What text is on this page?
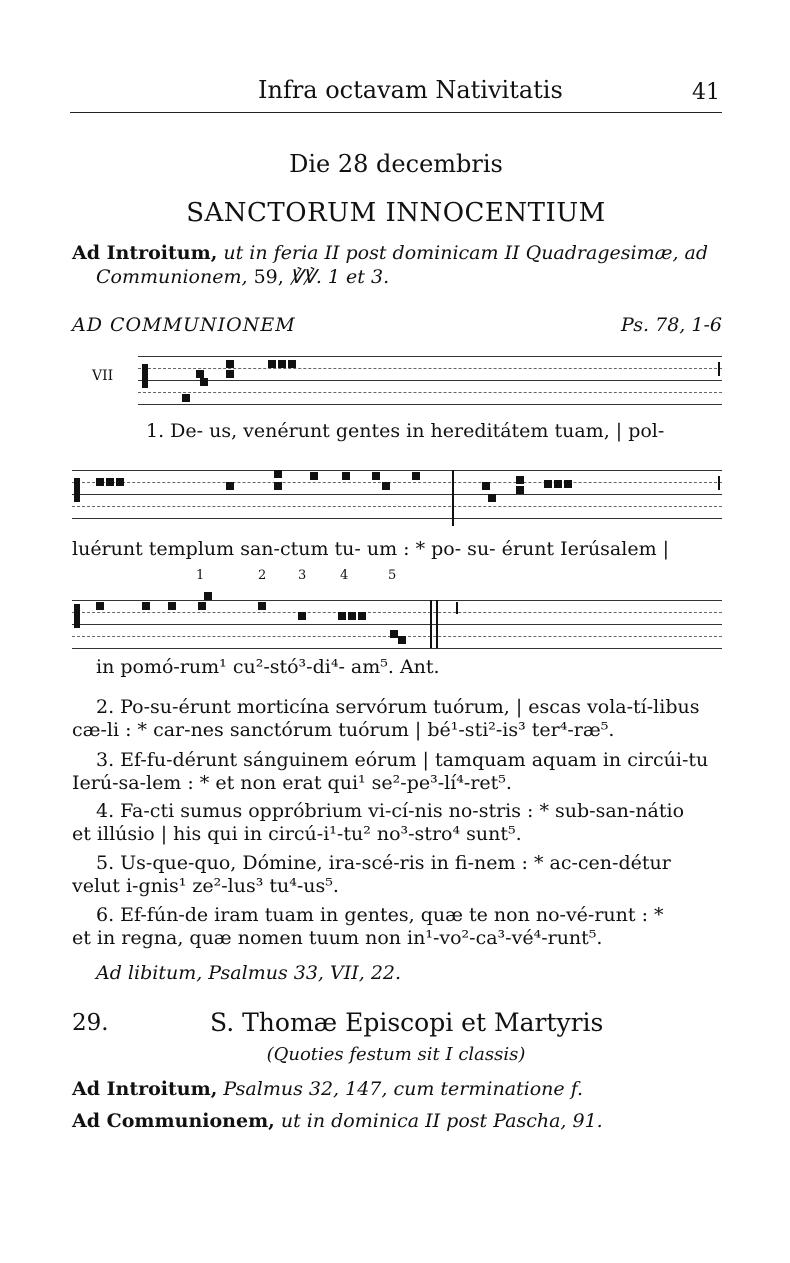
Infra octavam Nativitatis	41
Die 28 decembris
SANCTORUM INNOCENTIUM
Ad Introitum, ut in feria II post dominicam II Quadragesimæ, ad
Communionem, 59, ℣℣. 1 et 3.
AD COMMUNIONEM	Ps. 78, 1-6
VII
1. De- us, venérunt gentes in hereditátem tuam, | pol-
luérunt templum san-ctum tu- um : * po- su- érunt Ierúsalem |
1	2 3	4	5
in pomó-rum¹ cu²-stó³-di⁴- am⁵. Ant.
2. Po-su-érunt morticína servórum tuórum, | escas vola-tí-libus
cæ-li : * car-nes sanctórum tuórum | bé¹-sti²-is³ ter⁴-ræ⁵.
3. Ef-fu-dérunt sánguinem eórum | tamquam aquam in circúi-tu
Ierú-sa-lem : * et non erat qui¹ se²-pe³-lí⁴-ret⁵.
4. Fa-cti sumus oppróbrium vi-cí-nis no-stris : * sub-san-nátio
et illúsio | his qui in circú-i¹-tu² no³-stro⁴ sunt⁵.
5. Us-que-quo, Dómine, ira-scé-ris in fi-nem : * ac-cen-détur
velut i-gnis¹ ze²-lus³ tu⁴-us⁵.
6. Ef-fún-de iram tuam in gentes, quæ te non no-vé-runt : *
et in regna, quæ nomen tuum non in¹-vo²-ca³-vé⁴-runt⁵.
Ad libitum, Psalmus 33, VII, 22.
29.	S. Thomæ Episcopi et Martyris
(Quoties festum sit I classis)
Ad Introitum, Psalmus 32, 147, cum terminatione f.
Ad Communionem, ut in dominica II post Pascha, 91.
